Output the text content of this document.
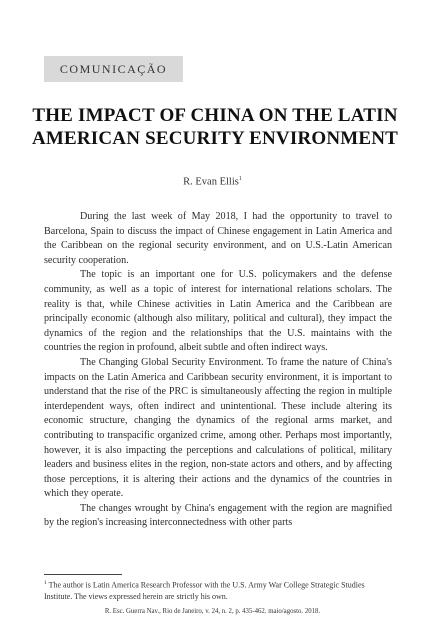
COMUNICAÇÃO
THE IMPACT OF CHINA ON THE LATIN AMERICAN SECURITY ENVIRONMENT
R. Evan Ellis$^1$

During the last week of May 2018, I had the opportunity to travel to Barcelona, Spain to discuss the impact of Chinese engagement in Latin America and the Caribbean on the regional security environment, and on U.S.-Latin American security cooperation.

The topic is an important one for U.S. policymakers and the defense community, as well as a topic of interest for international relations scholars. The reality is that, while Chinese activities in Latin America and the Caribbean are principally economic (although also military, political and cultural), they impact the dynamics of the region and the relationships that the U.S. maintains with the countries the region in profound, albeit subtle and often indirect ways.

The Changing Global Security Environment. To frame the nature of China's impacts on the Latin America and Caribbean security environment, it is important to understand that the rise of the PRC is simultaneously affecting the region in multiple interdependent ways, often indirect and unintentional. These include altering its economic structure, changing the dynamics of the regional arms market, and contributing to transpacific organized crime, among other. Perhaps most importantly, however, it is also impacting the perceptions and calculations of political, military leaders and business elites in the region, non-state actors and others, and by affecting those perceptions, it is altering their actions and the dynamics of the countries in which they operate.

The changes wrought by China's engagement with the region are magnified by the region's increasing interconnectedness with other parts

$^1$ The author is Latin America Research Professor with the U.S. Army War College Strategic Studies Institute. The views expressed herein are strictly his own.
R. Esc. Guerra Nav., Rio de Janeiro, v. 24, n. 2, p. 435-462. maio/agosto. 2018.
